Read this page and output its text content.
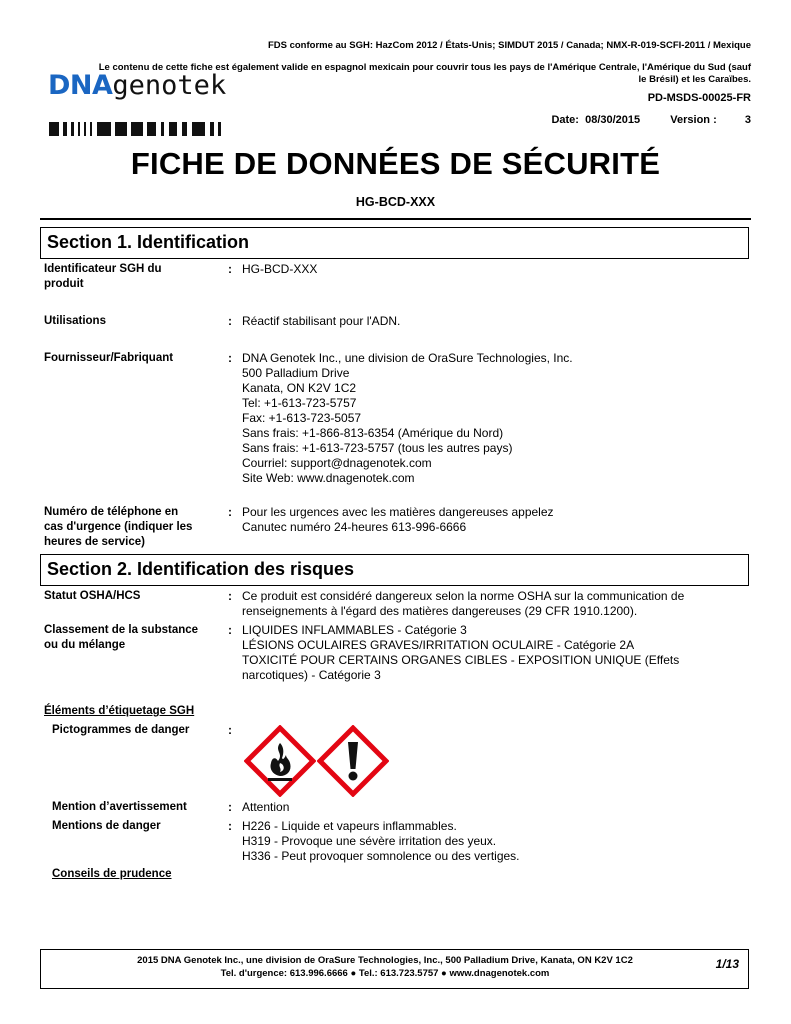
FDS conforme au SGH: HazCom 2012 / États-Unis; SIMDUT 2015 / Canada; NMX-R-019-SCFI-2011 / Mexique
Le contenu de cette fiche est également valide en espagnol mexicain pour couvrir tous les pays de l'Amérique Centrale, l'Amérique du Sud (sauf
le Brésil) et les Caraïbes.
DNAgenotek	PD-MSDS-00025-FR
Date: 08/30/2015	Version :	3
FICHE DE DONNÉES DE SÉCURITÉ
HG-BCD-XXX
Section 1. Identification
Identificateur SGH du
produit
: HG-BCD-XXX
Utilisations	: Réactif stabilisant pour l'ADN.
Fournisseur/Fabriquant	: DNA Genotek Inc., une division de OraSure Technologies, Inc.
500 Palladium Drive
Kanata, ON K2V 1C2
Tel: +1-613-723-5757
Fax: +1-613-723-5057
Sans frais: +1-866-813-6354 (Amérique du Nord)
Sans frais: +1-613-723-5757 (tous les autres pays)
Courriel: support@dnagenotek.com
Site Web: www.dnagenotek.com
Numéro de téléphone en
cas d'urgence (indiquer les
heures de service)
: Pour les urgences avec les matières dangereuses appelez
Canutec numéro 24-heures 613-996-6666
Section 2. Identification des risques
Statut OSHA/HCS	: Ce produit est considéré dangereux selon la norme OSHA sur la communication de
renseignements à l'égard des matières dangereuses (29 CFR 1910.1200).
Classement de la substance
ou du mélange
: LIQUIDES INFLAMMABLES - Catégorie 3
LÉSIONS OCULAIRES GRAVES/IRRITATION OCULAIRE - Catégorie 2A
TOXICITÉ POUR CERTAINS ORGANES CIBLES - EXPOSITION UNIQUE (Effets
narcotiques) - Catégorie 3
Éléments d’étiquetage SGH
Pictogrammes de danger	:
Mention d’avertissement	: Attention
Mentions de danger	: H226 - Liquide et vapeurs inflammables.
H319 - Provoque une sévère irritation des yeux.
H336 - Peut provoquer somnolence ou des vertiges.
Conseils de prudence
2015 DNA Genotek Inc., une division de OraSure Technologies, Inc., 500 Palladium Drive, Kanata, ON K2V 1C2
Tel. d'urgence: 613.996.6666 ● Tel.: 613.723.5757 ● www.dnagenotek.com
1/13
